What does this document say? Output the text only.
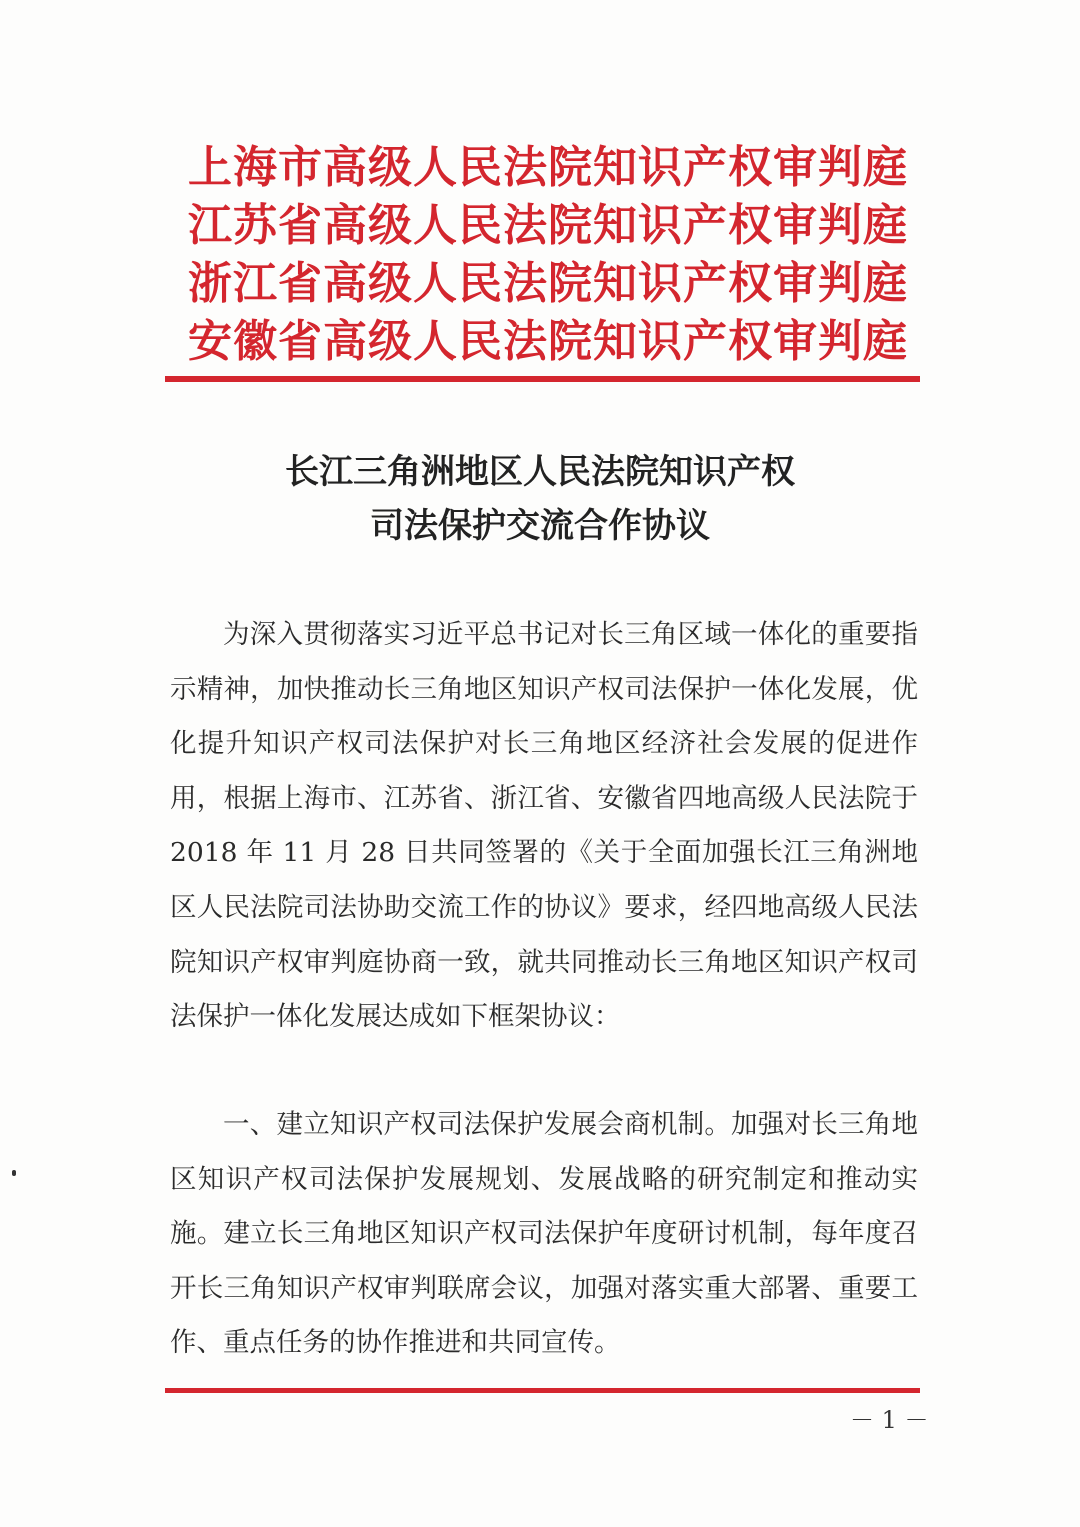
上海市高级人民法院知识产权审判庭
江苏省高级人民法院知识产权审判庭
浙江省高级人民法院知识产权审判庭
安徽省高级人民法院知识产权审判庭
长江三角洲地区人民法院知识产权
司法保护交流合作协议

为深入贯彻落实习近平总书记对长三角区域一体化的重要指示精神，加快推动长三角地区知识产权司法保护一体化发展，优化提升知识产权司法保护对长三角地区经济社会发展的促进作用，根据上海市、江苏省、浙江省、安徽省四地高级人民法院于 2018 年 11 月 28 日共同签署的《关于全面加强长江三角洲地区人民法院司法协助交流工作的协议》要求，经四地高级人民法院知识产权审判庭协商一致，就共同推动长三角地区知识产权司法保护一体化发展达成如下框架协议：

一、建立知识产权司法保护发展会商机制。加强对长三角地区知识产权司法保护发展规划、发展战略的研究制定和推动实施。建立长三角地区知识产权司法保护年度研讨机制，每年度召开长三角知识产权审判联席会议，加强对落实重大部署、重要工作、重点任务的协作推进和共同宣传。

－ 1 －
